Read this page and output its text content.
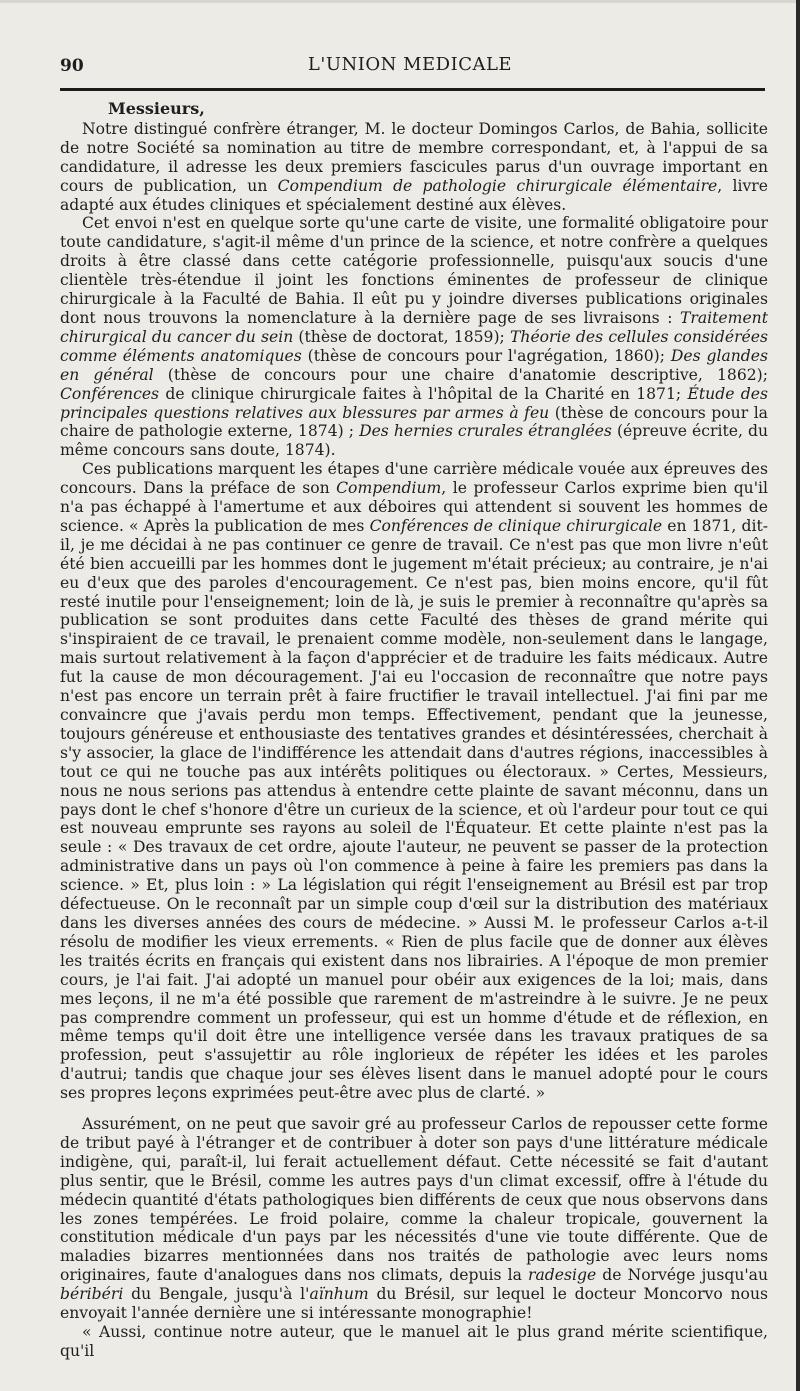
90	L'UNION MEDICALE
Messieurs,

Notre distingué confrère étranger, M. le docteur Domingos Carlos, de Bahia, sollicite de notre Société sa nomination au titre de membre correspondant, et, à l'appui de sa candidature, il adresse les deux premiers fascicules parus d'un ouvrage important en cours de publication, un Compendium de pathologie chirurgicale élémentaire, livre adapté aux études cliniques et spécialement destiné aux élèves.

Cet envoi n'est en quelque sorte qu'une carte de visite, une formalité obligatoire pour toute candidature, s'agit-il même d'un prince de la science, et notre confrère a quelques droits à être classé dans cette catégorie professionnelle, puisqu'aux soucis d'une clientèle très-étendue il joint les fonctions éminentes de professeur de clinique chirurgicale à la Faculté de Bahia. Il eût pu y joindre diverses publications originales dont nous trouvons la nomenclature à la dernière page de ses livraisons : Traitement chirurgical du cancer du sein (thèse de doctorat, 1859); Théorie des cellules considérées comme éléments anatomiques (thèse de concours pour l'agrégation, 1860); Des glandes en général (thèse de concours pour une chaire d'anatomie descriptive, 1862); Conférences de clinique chirurgicale faites à l'hôpital de la Charité en 1871; Étude des principales questions relatives aux blessures par armes à feu (thèse de concours pour la chaire de pathologie externe, 1874) ; Des hernies crurales étranglées (épreuve écrite, du même concours sans doute, 1874).

Ces publications marquent les étapes d'une carrière médicale vouée aux épreuves des concours. Dans la préface de son Compendium, le professeur Carlos exprime bien qu'il n'a pas échappé à l'amertume et aux déboires qui attendent si souvent les hommes de science. « Après la publication de mes Conférences de clinique chirurgicale en 1871, dit-il, je me décidai à ne pas continuer ce genre de travail. Ce n'est pas que mon livre n'eût été bien accueilli par les hommes dont le jugement m'était précieux; au contraire, je n'ai eu d'eux que des paroles d'encouragement. Ce n'est pas, bien moins encore, qu'il fût resté inutile pour l'enseignement; loin de là, je suis le premier à reconnaître qu'après sa publication se sont produites dans cette Faculté des thèses de grand mérite qui s'inspiraient de ce travail, le prenaient comme modèle, non-seulement dans le langage, mais surtout relativement à la façon d'apprécier et de traduire les faits médicaux. Autre fut la cause de mon découragement. J'ai eu l'occasion de reconnaître que notre pays n'est pas encore un terrain prêt à faire fructifier le travail intellectuel. J'ai fini par me convaincre que j'avais perdu mon temps. Effectivement, pendant que la jeunesse, toujours généreuse et enthousiaste des tentatives grandes et désintéressées, cherchait à s'y associer, la glace de l'indifférence les attendait dans d'autres régions, inaccessibles à tout ce qui ne touche pas aux intérêts politiques ou électoraux. » Certes, Messieurs, nous ne nous serions pas attendus à entendre cette plainte de savant méconnu, dans un pays dont le chef s'honore d'être un curieux de la science, et où l'ardeur pour tout ce qui est nouveau emprunte ses rayons au soleil de l'Équateur. Et cette plainte n'est pas la seule : « Des travaux de cet ordre, ajoute l'auteur, ne peuvent se passer de la protection administrative dans un pays où l'on commence à peine à faire les premiers pas dans la science. » Et, plus loin : » La législation qui régit l'enseignement au Brésil est par trop défectueuse. On le reconnaît par un simple coup d'œil sur la distribution des matériaux dans les diverses années des cours de médecine. » Aussi M. le professeur Carlos a-t-il résolu de modifier les vieux errements. « Rien de plus facile que de donner aux élèves les traités écrits en français qui existent dans nos librairies. A l'époque de mon premier cours, je l'ai fait. J'ai adopté un manuel pour obéir aux exigences de la loi; mais, dans mes leçons, il ne m'a été possible que rarement de m'astreindre à le suivre. Je ne peux pas comprendre comment un professeur, qui est un homme d'étude et de réflexion, en même temps qu'il doit être une intelligence versée dans les travaux pratiques de sa profession, peut s'assujettir au rôle inglorieux de répéter les idées et les paroles d'autrui; tandis que chaque jour ses élèves lisent dans le manuel adopté pour le cours ses propres leçons exprimées peut-être avec plus de clarté. »

Assurément, on ne peut que savoir gré au professeur Carlos de repousser cette forme de tribut payé à l'étranger et de contribuer à doter son pays d'une littérature médicale indigène, qui, paraît-il, lui ferait actuellement défaut. Cette nécessité se fait d'autant plus sentir, que le Brésil, comme les autres pays d'un climat excessif, offre à l'étude du médecin quantité d'états pathologiques bien différents de ceux que nous observons dans les zones tempérées. Le froid polaire, comme la chaleur tropicale, gouvernent la constitution médicale d'un pays par les nécessités d'une vie toute différente. Que de maladies bizarres mentionnées dans nos traités de pathologie avec leurs noms originaires, faute d'analogues dans nos climats, depuis la radesige de Norvége jusqu'au béribéri du Bengale, jusqu'à l'aïnhum du Brésil, sur lequel le docteur Moncorvo nous envoyait l'année dernière une si intéressante monographie!

« Aussi, continue notre auteur, que le manuel ait le plus grand mérite scientifique, qu'il
